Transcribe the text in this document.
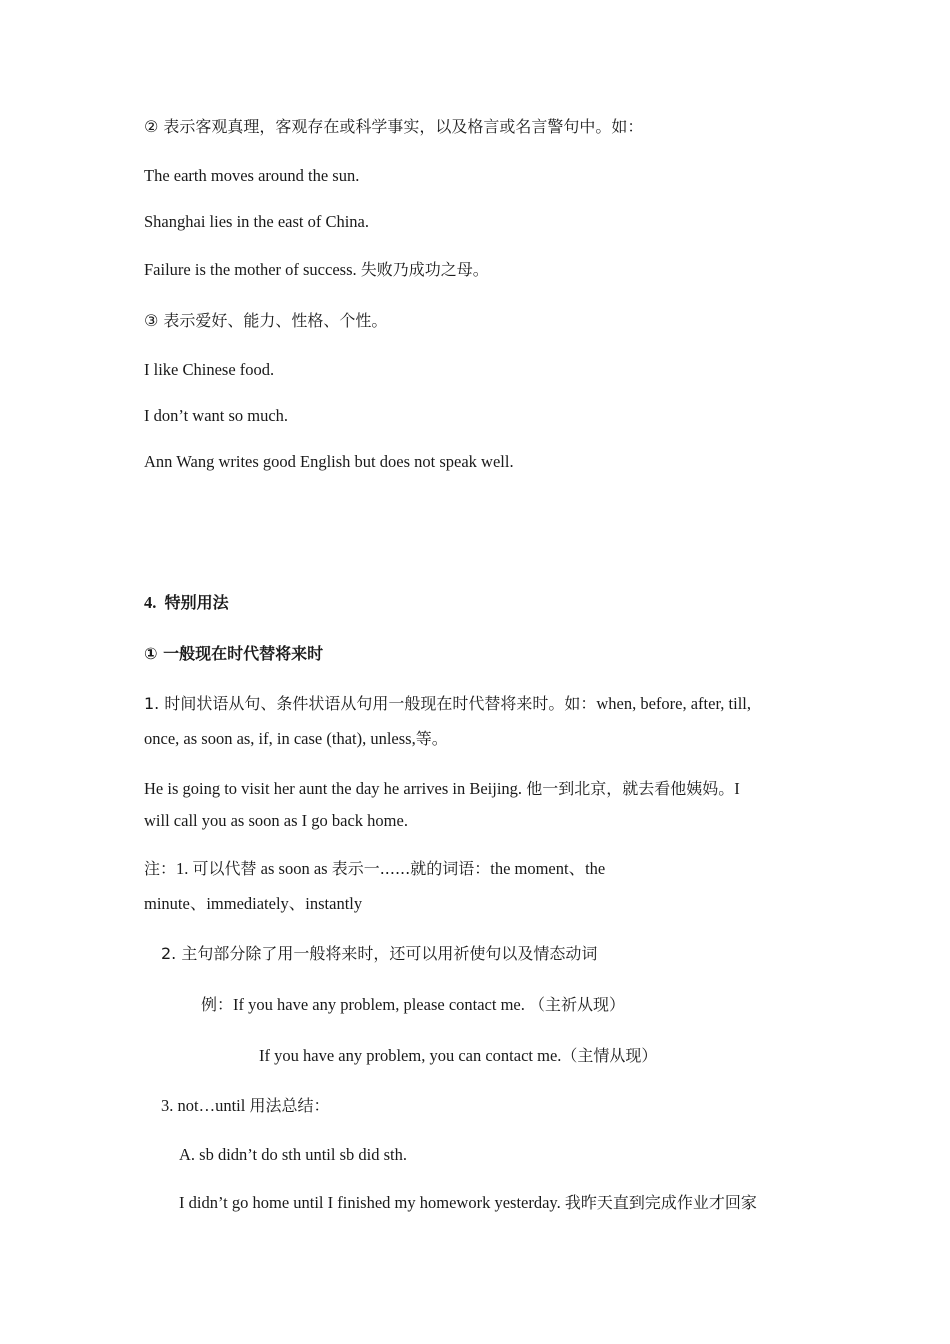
② 表示客观真理，客观存在或科学事实，以及格言或名言警句中。如：
The earth moves around the sun.
Shanghai lies in the east of China.
Failure is the mother of success. 失败乃成功之母。
③ 表示爱好、能力、性格、个性。
I like Chinese food.
I don’t want so much.
Ann Wang writes good English but does not speak well.
4. 特别用法
① 一般现在时代替将来时
1. 时间状语从句、条件状语从句用一般现在时代替将来时。如：when, before, after, till,
once, as soon as, if, in case (that), unless,等。
He is going to visit her aunt the day he arrives in Beijing. 他一到北京，就去看他姨妈。I
will call you as soon as I go back home.
注：1. 可以代替 as soon as 表示一......就的词语：the moment、the
minute、immediately、instantly
2. 主句部分除了用一般将来时，还可以用祈使句以及情态动词
例：If you have any problem, please contact me. （主祈从现）
If you have any problem, you can contact me.（主情从现）
3. not…until 用法总结：
A. sb didn’t do sth until sb did sth.
I didn’t go home until I finished my homework yesterday. 我昨天直到完成作业才回家
